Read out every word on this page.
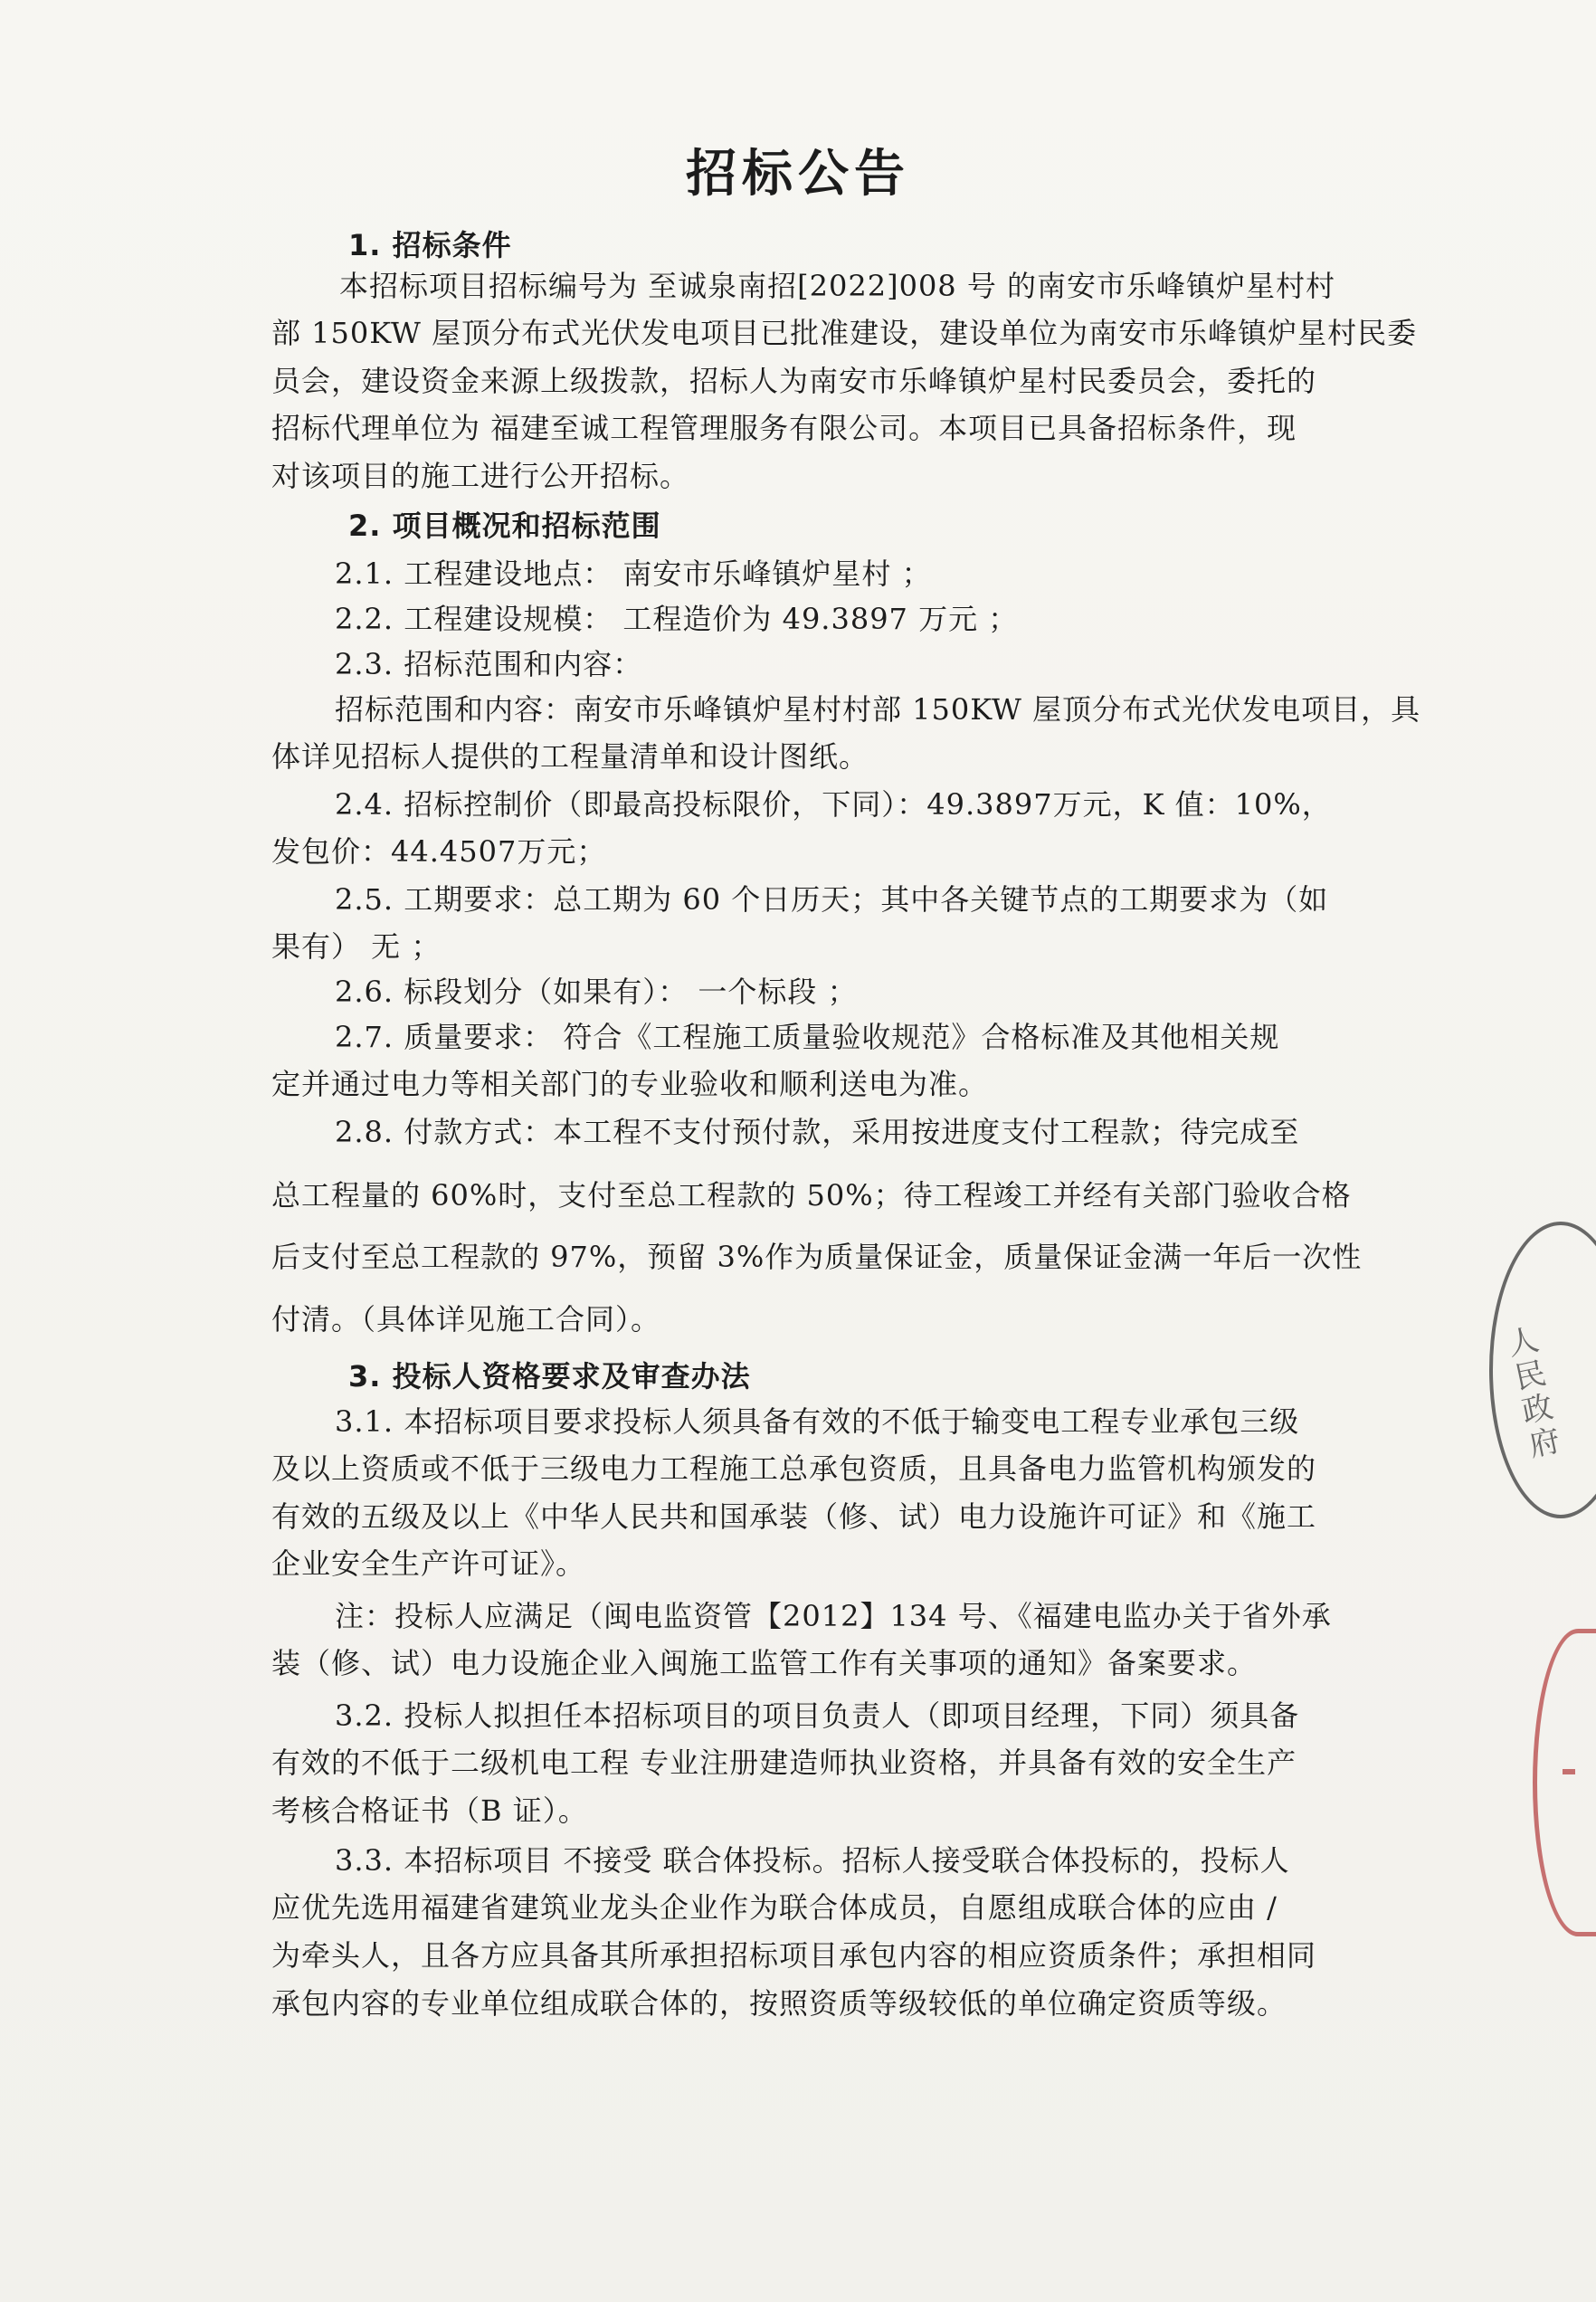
招标公告
1. 招标条件
本招标项目招标编号为 至诚泉南招[2022]008 号 的南安市乐峰镇炉星村村
部 150KW 屋顶分布式光伏发电项目已批准建设，建设单位为南安市乐峰镇炉星村民委
员会，建设资金来源上级拨款，招标人为南安市乐峰镇炉星村民委员会，委托的
招标代理单位为 福建至诚工程管理服务有限公司。本项目已具备招标条件，现
对该项目的施工进行公开招标。
2. 项目概况和招标范围
2.1. 工程建设地点： 南安市乐峰镇炉星村 ；
2.2. 工程建设规模： 工程造价为 49.3897 万元 ；
2.3. 招标范围和内容：
招标范围和内容：南安市乐峰镇炉星村村部 150KW 屋顶分布式光伏发电项目，具
体详见招标人提供的工程量清单和设计图纸。
2.4. 招标控制价（即最高投标限价，下同）：49.3897万元，K 值：10%，
发包价：44.4507万元；
2.5. 工期要求：总工期为 60 个日历天；其中各关键节点的工期要求为（如
果有） 无 ；
2.6. 标段划分（如果有）： 一个标段 ；
2.7. 质量要求： 符合《工程施工质量验收规范》合格标准及其他相关规
定并通过电力等相关部门的专业验收和顺利送电为准。
2.8. 付款方式：本工程不支付预付款，采用按进度支付工程款；待完成至
总工程量的 60%时，支付至总工程款的 50%；待工程竣工并经有关部门验收合格
后支付至总工程款的 97%，预留 3%作为质量保证金，质量保证金满一年后一次性
付清。（具体详见施工合同）。
3. 投标人资格要求及审查办法
3.1. 本招标项目要求投标人须具备有效的不低于输变电工程专业承包三级
及以上资质或不低于三级电力工程施工总承包资质，且具备电力监管机构颁发的
有效的五级及以上《中华人民共和国承装（修、试）电力设施许可证》和《施工
企业安全生产许可证》。
注：投标人应满足（闽电监资管【2012】134 号、《福建电监办关于省外承
装（修、试）电力设施企业入闽施工监管工作有关事项的通知》备案要求。
3.2. 投标人拟担任本招标项目的项目负责人（即项目经理，下同）须具备
有效的不低于二级机电工程 专业注册建造师执业资格，并具备有效的安全生产
考核合格证书（B 证）。
3.3. 本招标项目 不接受 联合体投标。招标人接受联合体投标的，投标人
应优先选用福建省建筑业龙头企业作为联合体成员，自愿组成联合体的应由 /
为牵头人，且各方应具备其所承担招标项目承包内容的相应资质条件；承担相同
承包内容的专业单位组成联合体的，按照资质等级较低的单位确定资质等级。
人民政府
